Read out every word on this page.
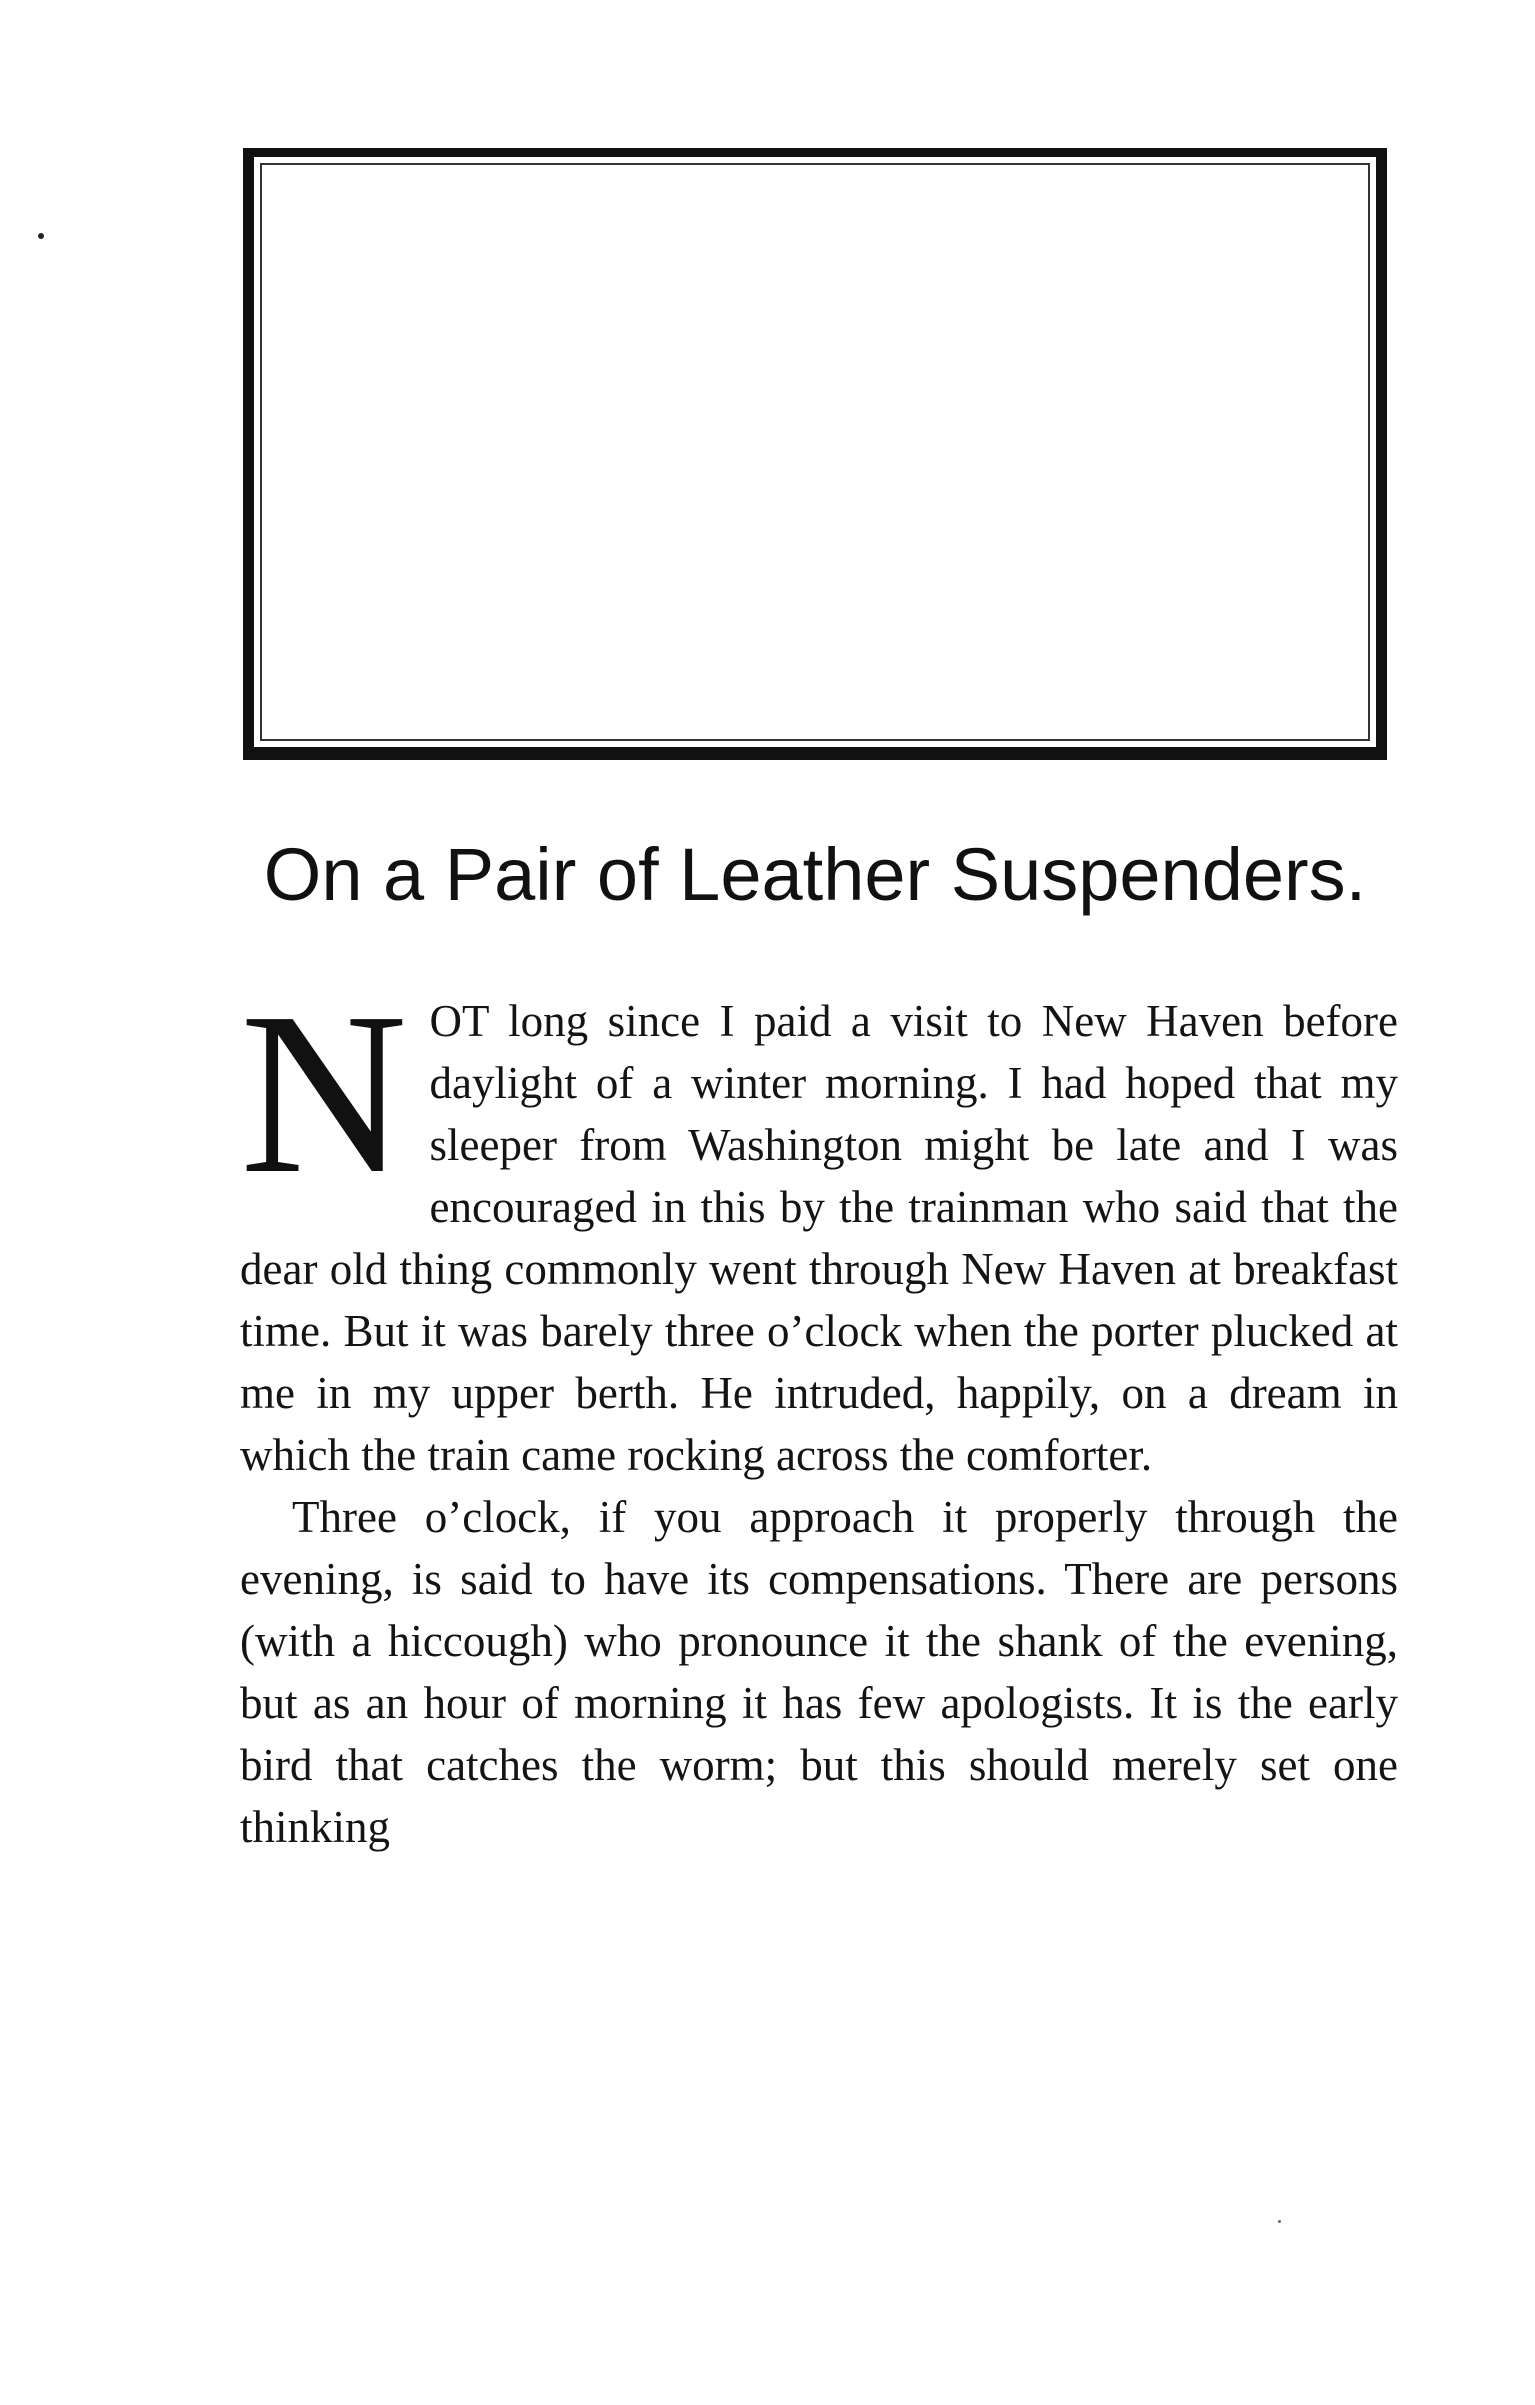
On a Pair of Leather Suspenders.

NOT long since I paid a visit to New Haven before daylight of a winter morning. I had hoped that my sleeper from Washington might be late and I was encouraged in this by the trainman who said that the dear old thing commonly went through New Haven at breakfast time. But it was barely three o’clock when the porter plucked at me in my upper berth. He intruded, happily, on a dream in which the train came rocking across the comforter.

Three o’clock, if you approach it properly through the evening, is said to have its compensations. There are persons (with a hiccough) who pronounce it the shank of the evening, but as an hour of morning it has few apologists. It is the early bird that catches the worm; but this should merely set one thinking
